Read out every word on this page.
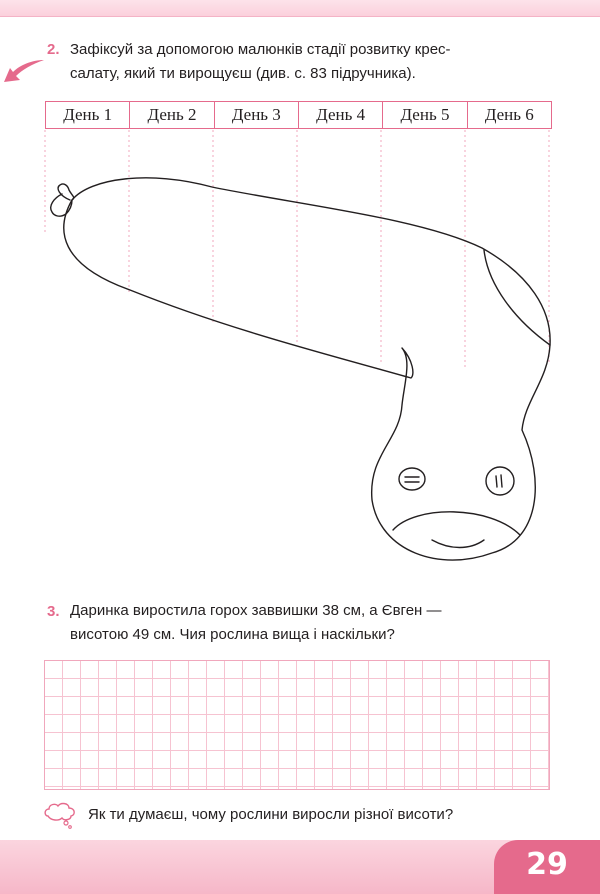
2. Зафіксуй за допомогою малюнків стадії розвитку крес-
салату, який ти вирощуєш (див. с. 83 підручника).
День 1	День 2	День 3	День 4	День 5	День 6
3. Даринка виростила горох заввишки 38 см, а Євген —
висотою 49 см. Чия рослина вища і наскільки?
Як ти думаєш, чому рослини виросли різної висоти?
29
